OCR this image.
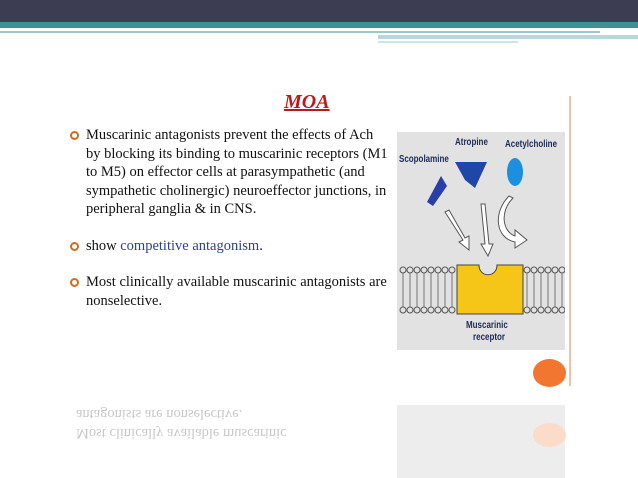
MOA
Muscarinic antagonists prevent the effects of Ach by blocking its binding to muscarinic receptors (M1 to M5) on effector cells at parasympathetic (and sympathetic cholinergic) neuroeffector junctions, in peripheral ganglia & in CNS.
show competitive antagonism.
Most clinically available muscarinic antagonists are nonselective.
Atropine Acetylcholine
Scopolamine
Muscarinic
receptor
Most clinically available muscarinic
antagonists are nonselective.
